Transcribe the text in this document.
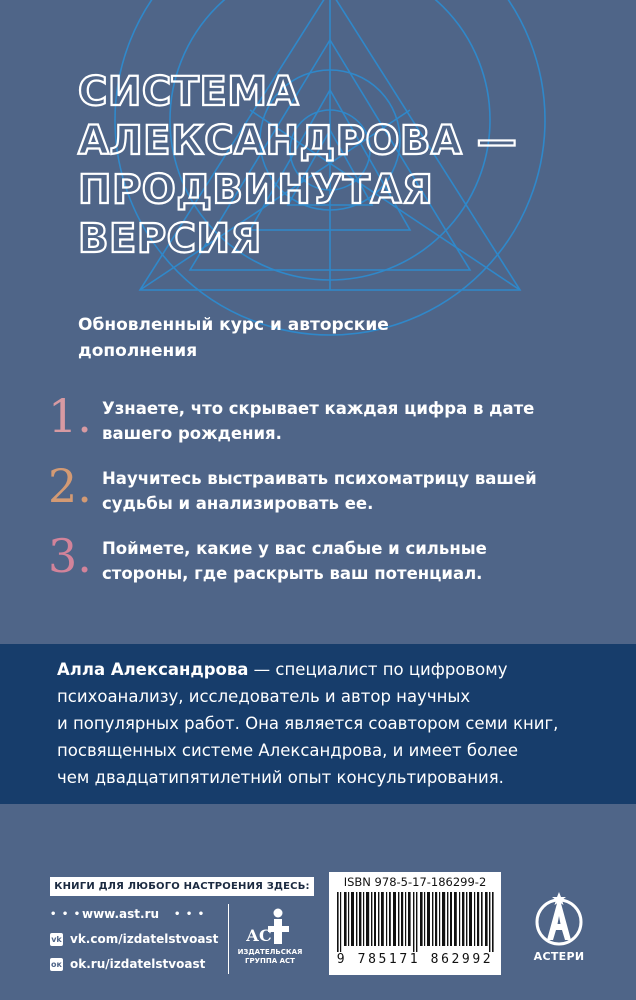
СИСТЕМА
АЛЕКСАНДРОВА —
ПРОДВИНУТАЯ
ВЕРСИЯ
Обновленный курс и авторские дополнения
1. Узнаете, что скрывает каждая цифра в дате вашего рождения.
2. Научитесь выстраивать психоматрицу вашей судьбы и анализировать ее.
3. Поймете, какие у вас слабые и сильные стороны, где раскрыть ваш потенциал.
Алла Александрова — специалист по цифровому
психоанализу, исследователь и автор научных
и популярных работ. Она является соавтором семи книг,
посвященных системе Александрова, и имеет более
чем двадцатипятилетний опыт консультирования.
КНИГИ ДЛЯ ЛЮБОГО НАСТРОЕНИЯ ЗДЕСЬ:
• • • www.ast.ru • • •
vk vk.com/izdatelstvoast
ок ok.ru/izdatelstvoast
А С
ИЗДАТЕЛЬСКАЯ
ГРУППА АСТ
ISBN 978-5-17-186299-2
9 785171 862992	АСТЕРИ
